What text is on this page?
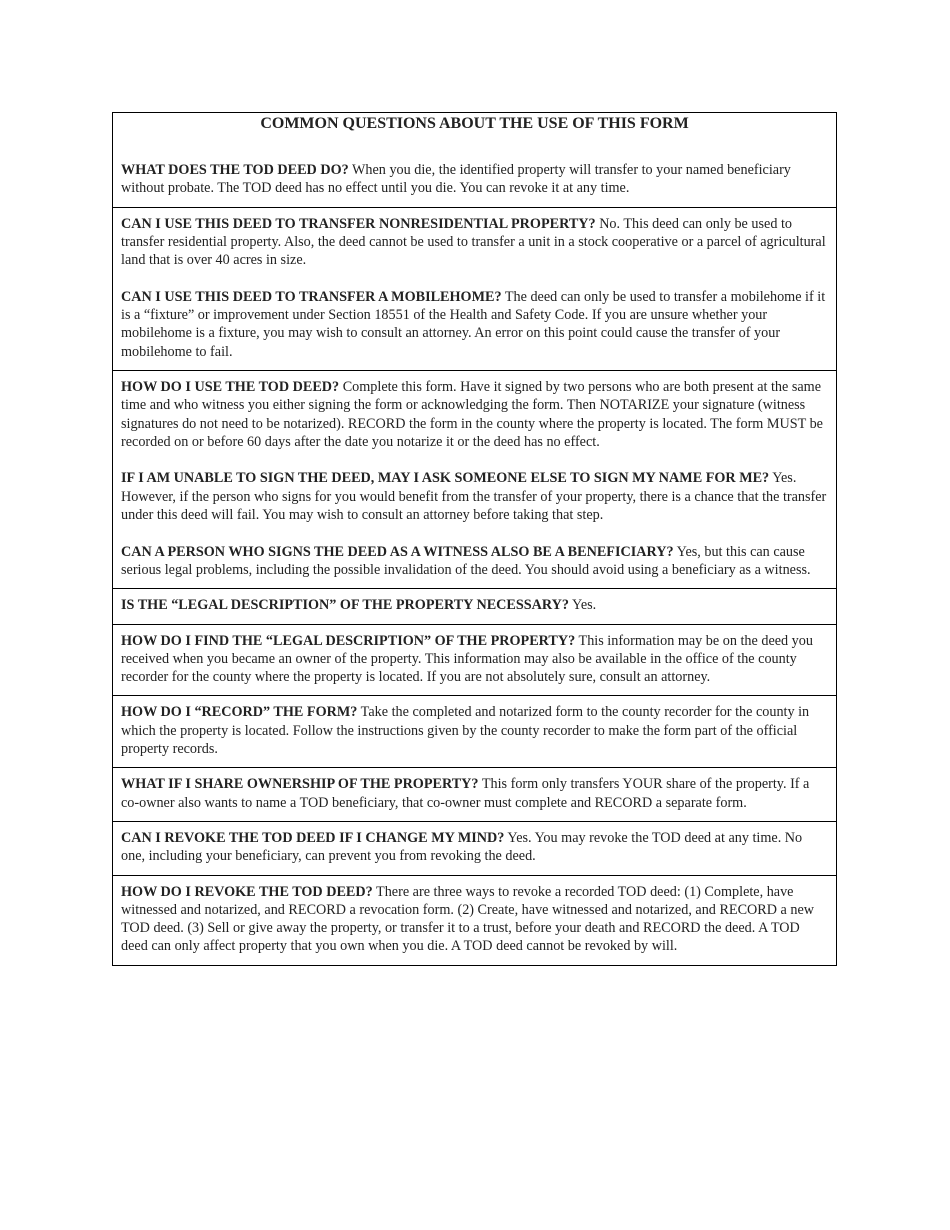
COMMON QUESTIONS ABOUT THE USE OF THIS FORM

WHAT DOES THE TOD DEED DO? When you die, the identified property will transfer to your named beneficiary without probate. The TOD deed has no effect until you die. You can revoke it at any time.

CAN I USE THIS DEED TO TRANSFER NONRESIDENTIAL PROPERTY? No. This deed can only be used to transfer residential property. Also, the deed cannot be used to transfer a unit in a stock cooperative or a parcel of agricultural land that is over 40 acres in size.

CAN I USE THIS DEED TO TRANSFER A MOBILEHOME? The deed can only be used to transfer a mobilehome if it is a “fixture” or improvement under Section 18551 of the Health and Safety Code. If you are unsure whether your mobilehome is a fixture, you may wish to consult an attorney. An error on this point could cause the transfer of your mobilehome to fail.

HOW DO I USE THE TOD DEED? Complete this form. Have it signed by two persons who are both present at the same time and who witness you either signing the form or acknowledging the form. Then NOTARIZE your signature (witness signatures do not need to be notarized). RECORD the form in the county where the property is located. The form MUST be recorded on or before 60 days after the date you notarize it or the deed has no effect.

IF I AM UNABLE TO SIGN THE DEED, MAY I ASK SOMEONE ELSE TO SIGN MY NAME FOR ME? Yes. However, if the person who signs for you would benefit from the transfer of your property, there is a chance that the transfer under this deed will fail. You may wish to consult an attorney before taking that step.

CAN A PERSON WHO SIGNS THE DEED AS A WITNESS ALSO BE A BENEFICIARY? Yes, but this can cause serious legal problems, including the possible invalidation of the deed. You should avoid using a beneficiary as a witness.

IS THE “LEGAL DESCRIPTION” OF THE PROPERTY NECESSARY? Yes.

HOW DO I FIND THE “LEGAL DESCRIPTION” OF THE PROPERTY? This information may be on the deed you received when you became an owner of the property. This information may also be available in the office of the county recorder for the county where the property is located. If you are not absolutely sure, consult an attorney.

HOW DO I “RECORD” THE FORM? Take the completed and notarized form to the county recorder for the county in which the property is located. Follow the instructions given by the county recorder to make the form part of the official property records.

WHAT IF I SHARE OWNERSHIP OF THE PROPERTY? This form only transfers YOUR share of the property. If a co-owner also wants to name a TOD beneficiary, that co-owner must complete and RECORD a separate form.

CAN I REVOKE THE TOD DEED IF I CHANGE MY MIND? Yes. You may revoke the TOD deed at any time. No one, including your beneficiary, can prevent you from revoking the deed.

HOW DO I REVOKE THE TOD DEED? There are three ways to revoke a recorded TOD deed: (1) Complete, have witnessed and notarized, and RECORD a revocation form. (2) Create, have witnessed and notarized, and RECORD a new TOD deed. (3) Sell or give away the property, or transfer it to a trust, before your death and RECORD the deed. A TOD deed can only affect property that you own when you die. A TOD deed cannot be revoked by will.
